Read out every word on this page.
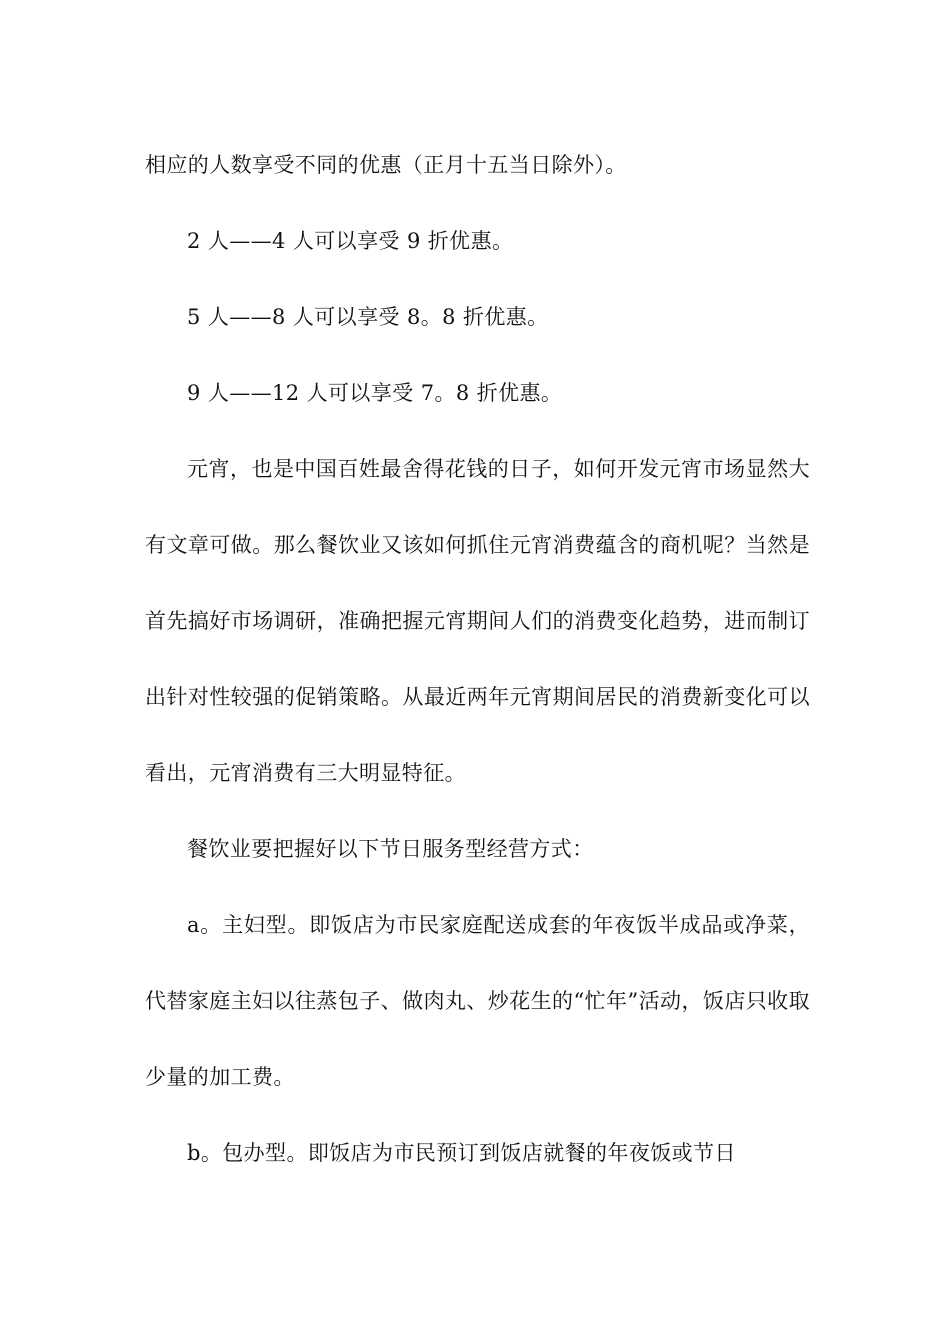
相应的人数享受不同的优惠（正月十五当日除外）。

2 人——4 人可以享受 9 折优惠。

5 人——8 人可以享受 8。8 折优惠。

9 人——12 人可以享受 7。8 折优惠。

元宵，也是中国百姓最舍得花钱的日子，如何开发元宵市场显然大有文章可做。那么餐饮业又该如何抓住元宵消费蕴含的商机呢？当然是首先搞好市场调研，准确把握元宵期间人们的消费变化趋势，进而制订出针对性较强的促销策略。从最近两年元宵期间居民的消费新变化可以看出，元宵消费有三大明显特征。

餐饮业要把握好以下节日服务型经营方式：

a。主妇型。即饭店为市民家庭配送成套的年夜饭半成品或净菜，代替家庭主妇以往蒸包子、做肉丸、炒花生的“忙年”活动，饭店只收取少量的加工费。

b。包办型。即饭店为市民预订到饭店就餐的年夜饭或节日
